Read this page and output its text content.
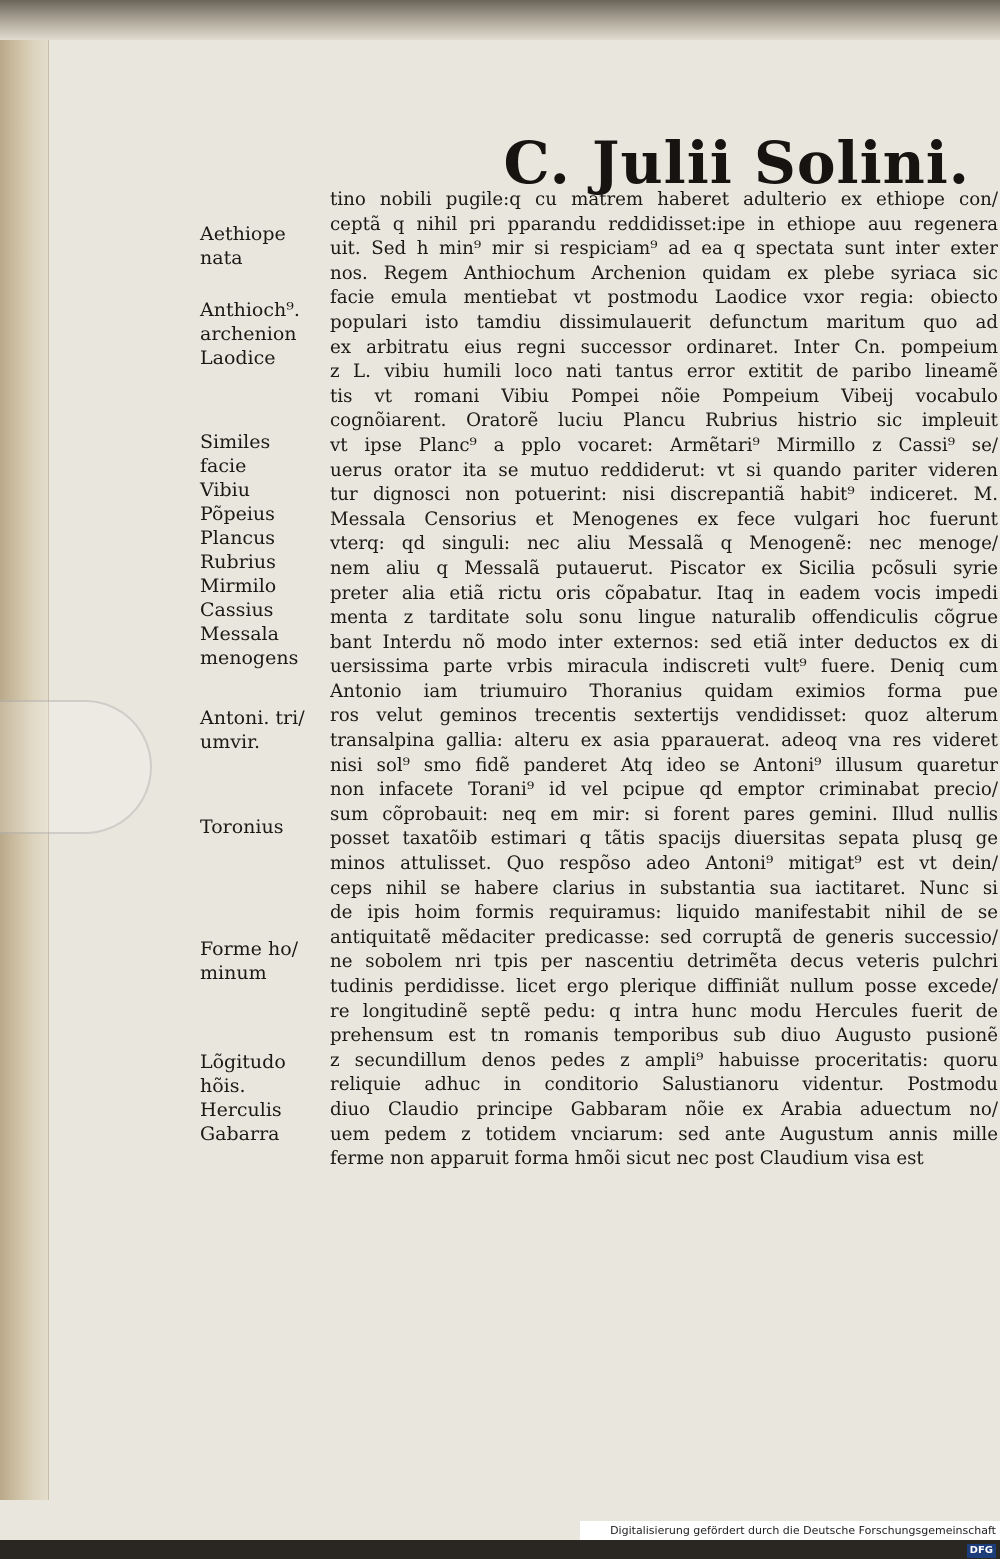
C. Julii Solini.
tino nobili pugile:q cu matrem haberet adulterio ex ethiope con/
ceptã q nihil pri pparandu reddidisset:ipe in ethiope auu regenera
uit. Sed h min⁹ mir si respiciam⁹ ad ea q spectata sunt inter exter
nos. Regem Anthiochum Archenion quidam ex plebe syriaca sic
facie emula mentiebat vt postmodu Laodice vxor regia: obiecto
populari isto tamdiu dissimulauerit defunctum maritum quo ad
ex arbitratu eius regni successor ordinaret. Inter Cn. pompeium
z L. vibiu humili loco nati tantus error extitit de paribo lineamẽ
tis vt romani Vibiu Pompei nõie Pompeium Vibeij vocabulo
cognõiarent. Oratorẽ luciu Plancu Rubrius histrio sic impleuit
vt ipse Planc⁹ a pplo vocaret: Armẽtari⁹ Mirmillo z Cassi⁹ se/
uerus orator ita se mutuo reddiderut: vt si quando pariter videren
tur dignosci non potuerint: nisi discrepantiã habit⁹ indiceret. M.
Messala Censorius et Menogenes ex fece vulgari hoc fuerunt
vterq: qd singuli: nec aliu Messalã q Menogenẽ: nec menoge/
nem aliu q Messalã putauerut. Piscator ex Sicilia pcõsuli syrie
preter alia etiã rictu oris cõpabatur. Itaq in eadem vocis impedi
menta z tarditate solu sonu lingue naturalib offendiculis cõgrue
bant Interdu nõ modo inter externos: sed etiã inter deductos ex di
uersissima parte vrbis miracula indiscreti vult⁹ fuere. Deniq cum
Antonio iam triumuiro Thoranius quidam eximios forma pue
ros velut geminos trecentis sextertijs vendidisset: quoz alterum
transalpina gallia: alteru ex asia pparauerat. adeoq vna res videret
nisi sol⁹ smo fidẽ panderet Atq ideo se Antoni⁹ illusum quaretur
non infacete Torani⁹ id vel pcipue qd emptor criminabat precio/
sum cõprobauit: neq em mir: si forent pares gemini. Illud nullis
posset taxatõib estimari q tãtis spacijs diuersitas sepata plusq ge
minos attulisset. Quo respõso adeo Antoni⁹ mitigat⁹ est vt dein/
ceps nihil se habere clarius in substantia sua iactitaret. Nunc si
de ipis hoim formis requiramus: liquido manifestabit nihil de se
antiquitatẽ mẽdaciter predicasse: sed corruptã de generis successio/
ne sobolem nri tpis per nascentiu detrimẽta decus veteris pulchri
tudinis perdidisse. licet ergo plerique diffiniãt nullum posse excede/
re longitudinẽ septẽ pedu: q intra hunc modu Hercules fuerit de
prehensum est tn romanis temporibus sub diuo Augusto pusionẽ
z secundillum denos pedes z ampli⁹ habuisse proceritatis: quoru
reliquie adhuc in conditorio Salustianoru videntur. Postmodu
diuo Claudio principe Gabbaram nõie ex Arabia aduectum no/
uem pedem z totidem vnciarum: sed ante Augustum annis mille
ferme non apparuit forma hmõi sicut nec post Claudium visa est
Aethiope
nata
Anthioch⁹.
archenion
Laodice
Similes
facie
Vibiu
Põpeius
Plancus
Rubrius
Mirmilo
Cassius
Messala
menogens
Antoni. tri/
umvir.
Toronius
Forme ho/
minum
Lõgitudo
hõis.
Herculis
Gabarra
Digitalisierung gefördert durch die Deutsche Forschungsgemeinschaft DFG
